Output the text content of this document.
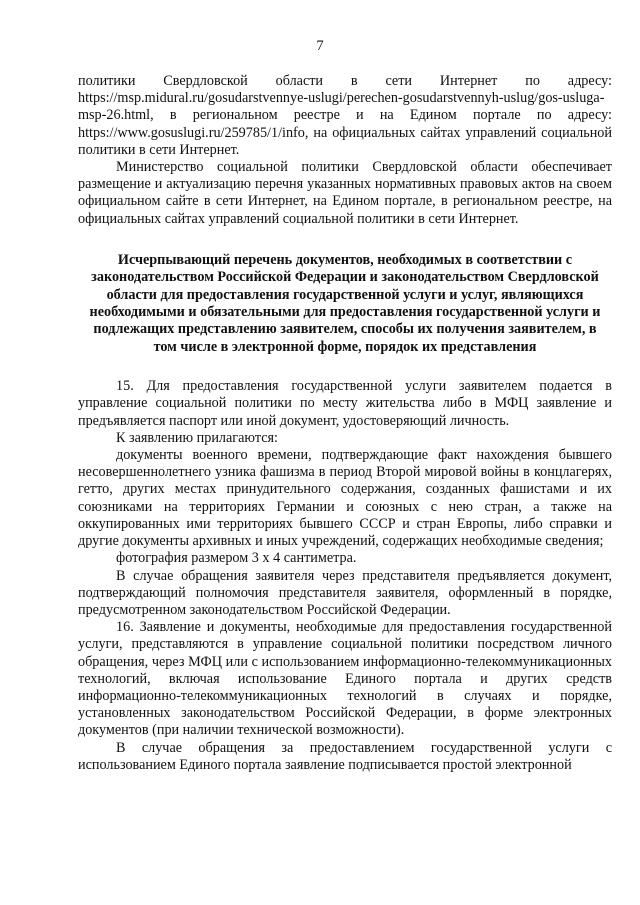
7

политики Свердловской области в сети Интернет по адресу: https://msp.midural.ru/gosudarstvennye-uslugi/perechen-gosudarstvennyh-uslug/gos-usluga-msp-26.html, в региональном реестре и на Едином портале по адресу: https://www.gosuslugi.ru/259785/1/info, на официальных сайтах управлений социальной политики в сети Интернет.

Министерство социальной политики Свердловской области обеспечивает размещение и актуализацию перечня указанных нормативных правовых актов на своем официальном сайте в сети Интернет, на Едином портале, в региональном реестре, на официальных сайтах управлений социальной политики в сети Интернет.

Исчерпывающий перечень документов, необходимых в соответствии с законодательством Российской Федерации и законодательством Свердловской области для предоставления государственной услуги и услуг, являющихся необходимыми и обязательными для предоставления государственной услуги и подлежащих представлению заявителем, способы их получения заявителем, в том числе в электронной форме, порядок их представления

15. Для предоставления государственной услуги заявителем подается в управление социальной политики по месту жительства либо в МФЦ заявление и предъявляется паспорт или иной документ, удостоверяющий личность.

К заявлению прилагаются:

документы военного времени, подтверждающие факт нахождения бывшего несовершеннолетнего узника фашизма в период Второй мировой войны в концлагерях, гетто, других местах принудительного содержания, созданных фашистами и их союзниками на территориях Германии и союзных с нею стран, а также на оккупированных ими территориях бывшего СССР и стран Европы, либо справки и другие документы архивных и иных учреждений, содержащих необходимые сведения;

фотография размером 3 x 4 сантиметра.

В случае обращения заявителя через представителя предъявляется документ, подтверждающий полномочия представителя заявителя, оформленный в порядке, предусмотренном законодательством Российской Федерации.

16. Заявление и документы, необходимые для предоставления государственной услуги, представляются в управление социальной политики посредством личного обращения, через МФЦ или с использованием информационно-телекоммуникационных технологий, включая использование Единого портала и других средств информационно-телекоммуникационных технологий в случаях и порядке, установленных законодательством Российской Федерации, в форме электронных документов (при наличии технической возможности).

В случае обращения за предоставлением государственной услуги с использованием Единого портала заявление подписывается простой электронной
